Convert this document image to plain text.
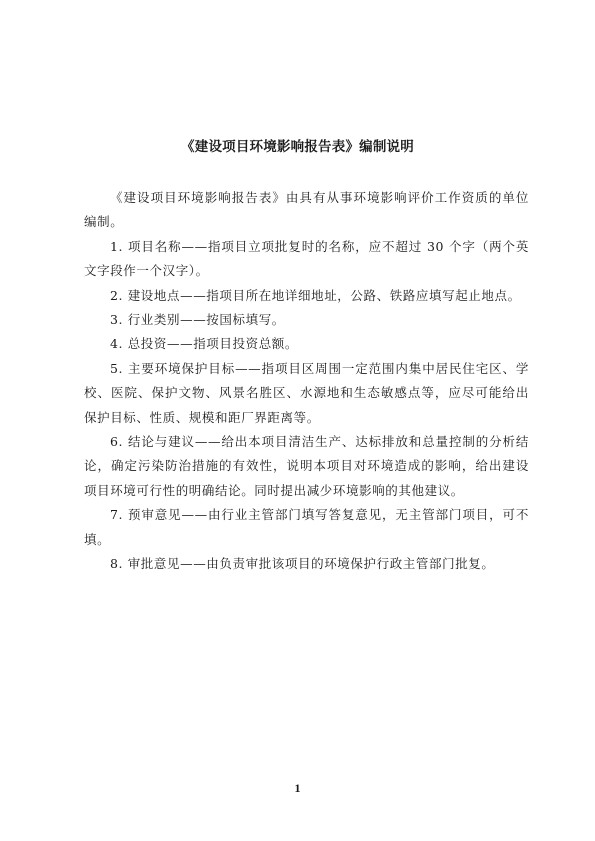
《建设项目环境影响报告表》编制说明

《建设项目环境影响报告表》由具有从事环境影响评价工作资质的单位编制。

1. 项目名称——指项目立项批复时的名称，应不超过 30 个字（两个英文字段作一个汉字）。

2. 建设地点——指项目所在地详细地址，公路、铁路应填写起止地点。

3. 行业类别——按国标填写。

4. 总投资——指项目投资总额。

5. 主要环境保护目标——指项目区周围一定范围内集中居民住宅区、学校、医院、保护文物、风景名胜区、水源地和生态敏感点等，应尽可能给出保护目标、性质、规模和距厂界距离等。

6. 结论与建议——给出本项目清洁生产、达标排放和总量控制的分析结论，确定污染防治措施的有效性，说明本项目对环境造成的影响，给出建设项目环境可行性的明确结论。同时提出减少环境影响的其他建议。

7. 预审意见——由行业主管部门填写答复意见，无主管部门项目，可不填。

8. 审批意见——由负责审批该项目的环境保护行政主管部门批复。

1
